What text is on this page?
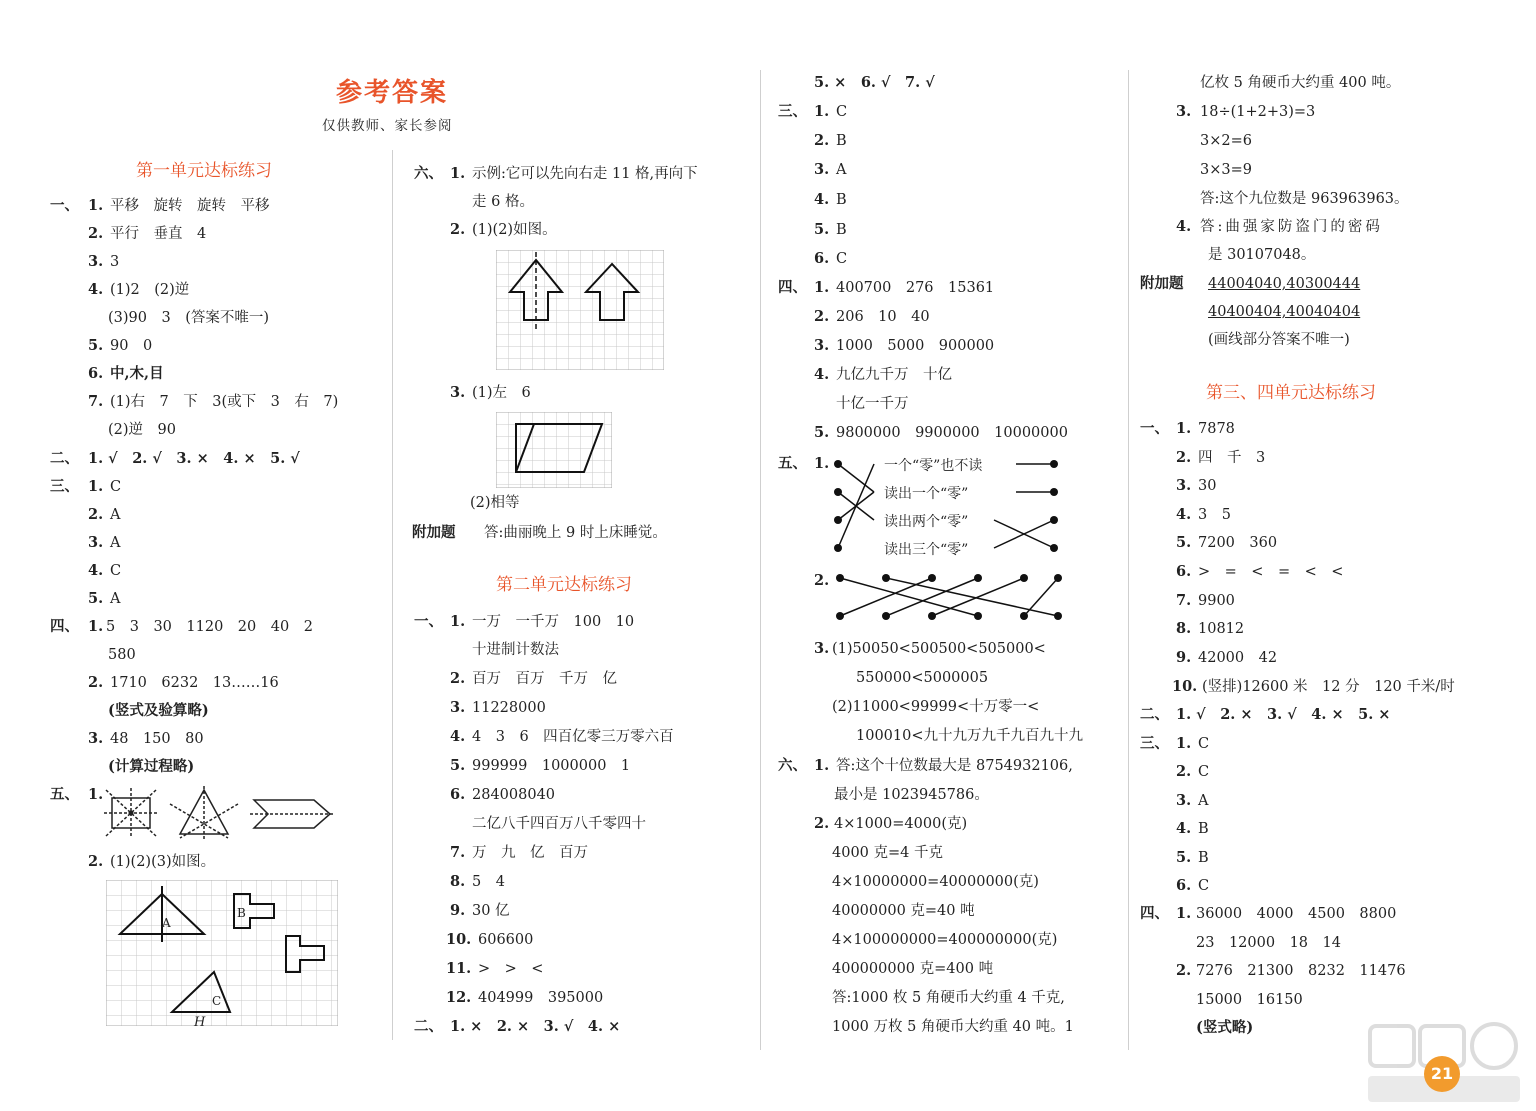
参考答案
仅供教师、家长参阅
第一单元达标练习
一、 1. 平移　旋转　旋转　平移
2. 平行　垂直　4
3. 3
4. (1)2　(2)逆
(3)90　3　(答案不唯一)
5. 90　0
6. 中,木,目
7. (1)右　7　下　3(或下　3　右　7)
(2)逆　90
二、 1. √　2. √　3. ×　4. ×　5. √
三、 1. C
2. A
3. A
4. C
5. A
四、 1. 5　3　30　1120　20　40　2
580
2. 1710　6232　13……16
(竖式及验算略)
3. 48　150　80
(计算过程略)
五、 1.
2. (1)(2)(3)如图。
A
B
C
H
六、 1. 示例:它可以先向右走 11 格,再向下
走 6 格。
2. (1)(2)如图。
3. (1)左　6
(2)相等
附加题 答:曲丽晚上 9 时上床睡觉。
第二单元达标练习
一、 1. 一万　一千万　100　10
十进制计数法
2. 百万　百万　千万　亿
3. 11228000
4. 4　3　6　四百亿零三万零六百
5. 999999　1000000　1
6. 284008040
二亿八千四百万八千零四十
7. 万　九　亿　百万
8. 5　4
9. 30 亿
10. 606600
11. >　>　<
12. 404999　395000
二、 1. ×　2. ×　3. √　4. ×
5. ×　6. √　7. √
三、 1. C
2. B
3. A
4. B
5. B
6. C
四、 1. 400700　276　15361
2. 206　10　40
3. 1000　5000　900000
4. 九亿九千万　十亿
十亿一千万
5. 9800000　9900000　10000000
五、 1.	一个“零”也不读
读出一个“零”
读出两个“零”
读出三个“零”
2.
3. (1)50050<500500<505000<
550000<5000005
(2)11000<99999<十万零一<
100010<九十九万九千九百九十九
六、 1. 答:这个十位数最大是 8754932106,
最小是 1023945786。
2. 4×1000=4000(克)
4000 克=4 千克
4×10000000=40000000(克)
40000000 克=40 吨
4×100000000=400000000(克)
400000000 克=400 吨
答:1000 枚 5 角硬币大约重 4 千克,
1000 万枚 5 角硬币大约重 40 吨。1
亿枚 5 角硬币大约重 400 吨。
3. 18÷(1+2+3)=3
3×2=6
3×3=9
答:这个九位数是 963963963。
4. 答:曲强家防盗门的密码
是 30107048。
附加题 44004040,40300444
40400404,40040404
(画线部分答案不唯一)
第三、四单元达标练习
一、 1. 7878
2. 四　千　3
3. 30
4. 3　5
5. 7200　360
6. >　=　<　=　<　<
7. 9900
8. 10812
9. 42000　42
10. (竖排)12600 米　12 分　120 千米/时
二、 1. √　2. ×　3. √　4. ×　5. ×
三、 1. C
2. C
3. A
4. B
5. B
6. C
四、 1. 36000　4000　4500　8800
23　12000　18　14
2. 7276　21300　8232　11476
15000　16150
(竖式略)
21
